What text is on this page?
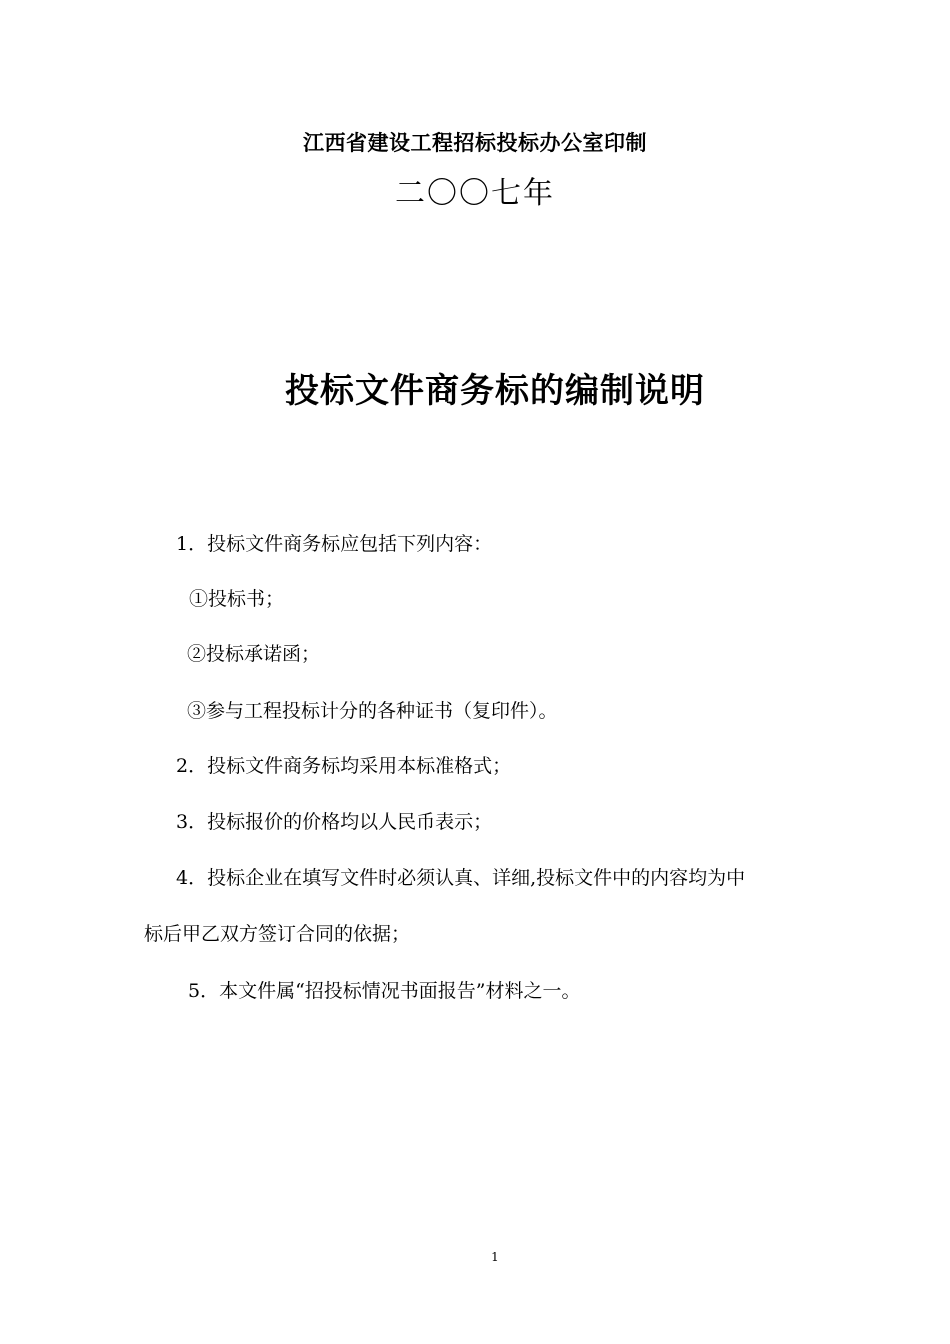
江西省建设工程招标投标办公室印制
二〇〇七年
投标文件商务标的编制说明
1．投标文件商务标应包括下列内容：
①投标书；
②投标承诺函；
③参与工程投标计分的各种证书（复印件）。
2．投标文件商务标均采用本标准格式；
3．投标报价的价格均以人民币表示；
4．投标企业在填写文件时必须认真、详细,投标文件中的内容均为中
标后甲乙双方签订合同的依据；
5．本文件属“招投标情况书面报告”材料之一。
1
